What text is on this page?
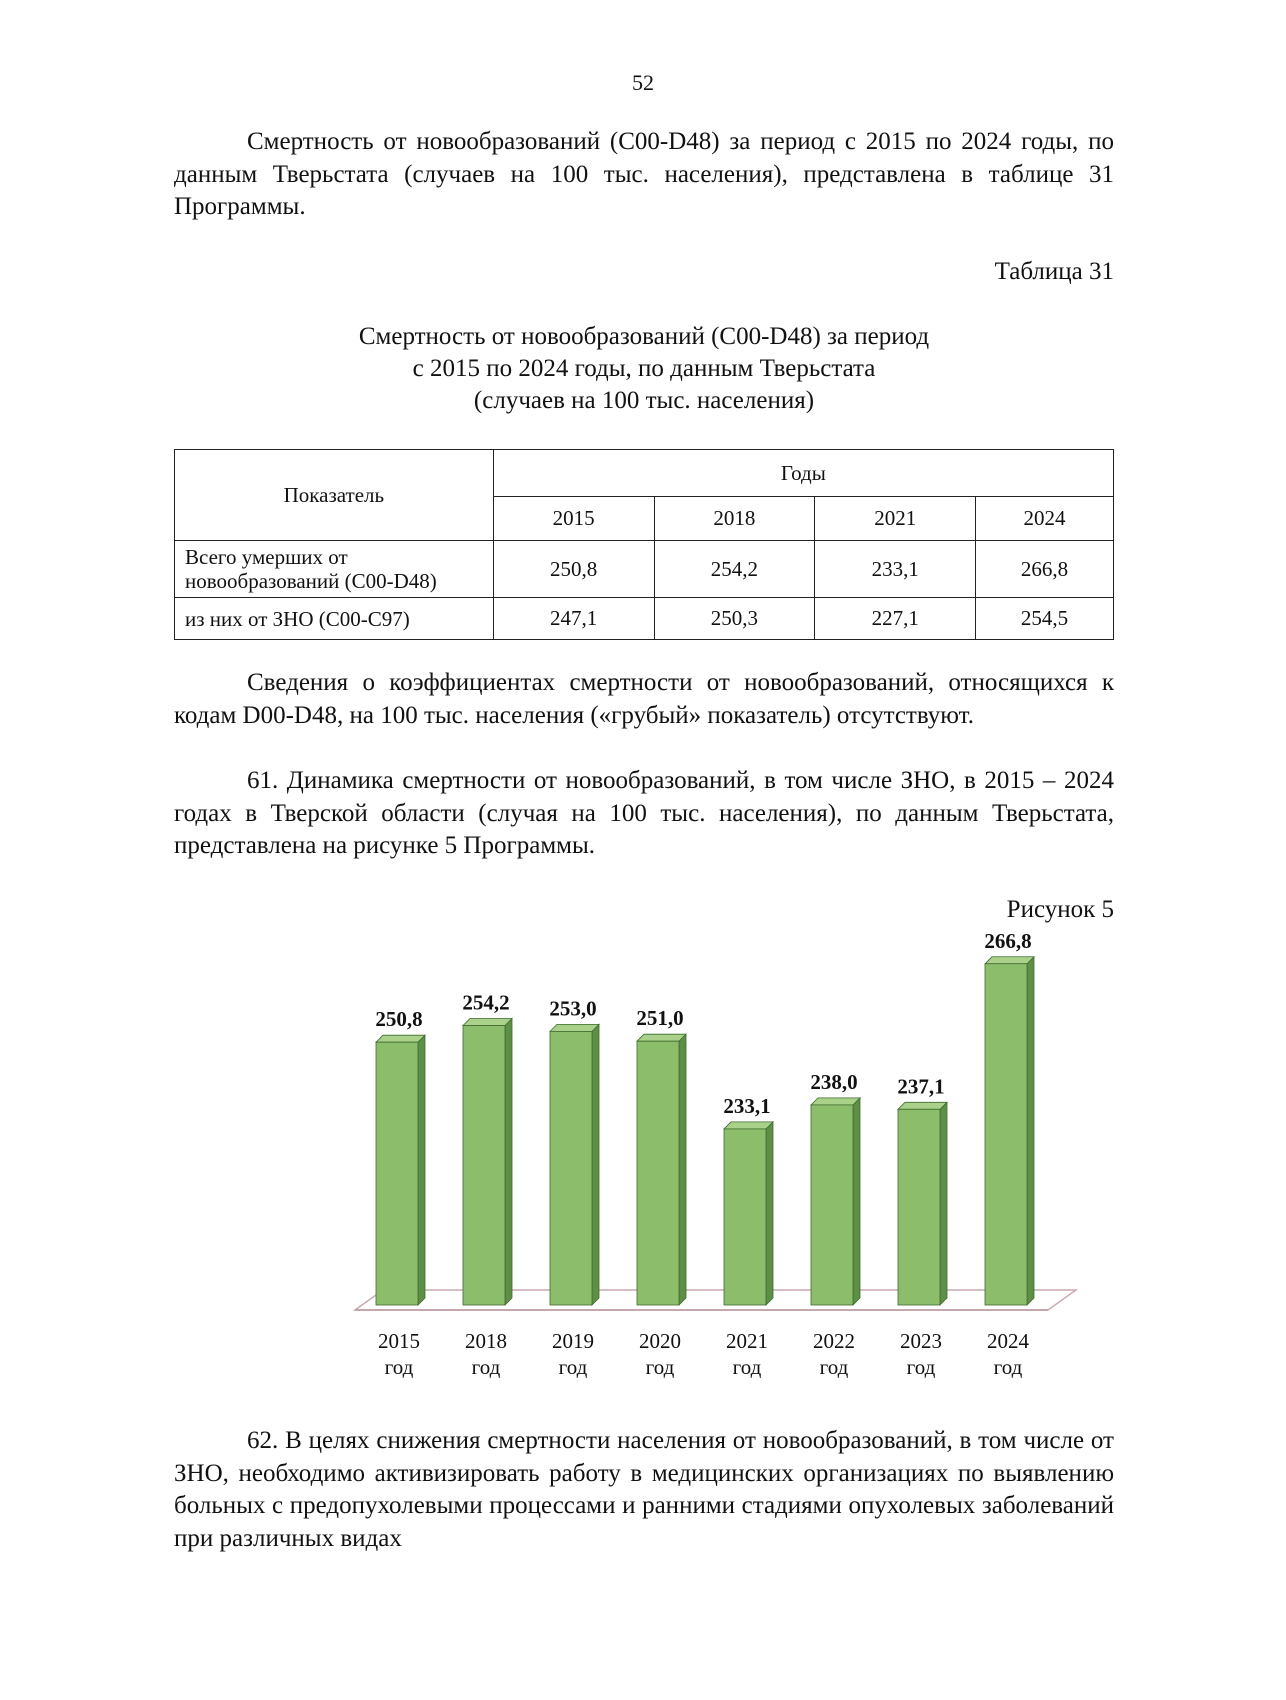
52

Смертность от новообразований (С00-D48) за период с 2015 по 2024 годы, по данным Тверьстата (случаев на 100 тыс. населения), представлена в таблице 31 Программы.

Таблица 31

Смертность от новообразований (С00-D48) за период
с 2015 по 2024 годы, по данным Тверьстата
(случаев на 100 тыс. населения)
Показатель	Годы			
	2015	2018	2021	2024
Всего умерших от новообразований (С00-D48)	250,8	254,2	233,1	266,8
из них от ЗНО (С00-С97)	247,1	250,3	227,1	254,5

Сведения о коэффициентах смертности от новообразований, относящихся к кодам D00-D48, на 100 тыс. населения («грубый» показатель) отсутствуют.

61. Динамика смертности от новообразований, в том числе ЗНО, в 2015 – 2024 годах в Тверской области (случая на 100 тыс. населения), по данным Тверьстата, представлена на рисунке 5 Программы.

Рисунок 5

250,8
2015
год
254,2
2018
год
253,0
2019
год
251,0
2020
год
233,1
2021
год
238,0
2022
год
237,1
2023
год
266,8
2024
год

62. В целях снижения смертности населения от новообразований, в том числе от ЗНО, необходимо активизировать работу в медицинских организациях по выявлению больных с предопухолевыми процессами и ранними стадиями опухолевых заболеваний при различных видах
